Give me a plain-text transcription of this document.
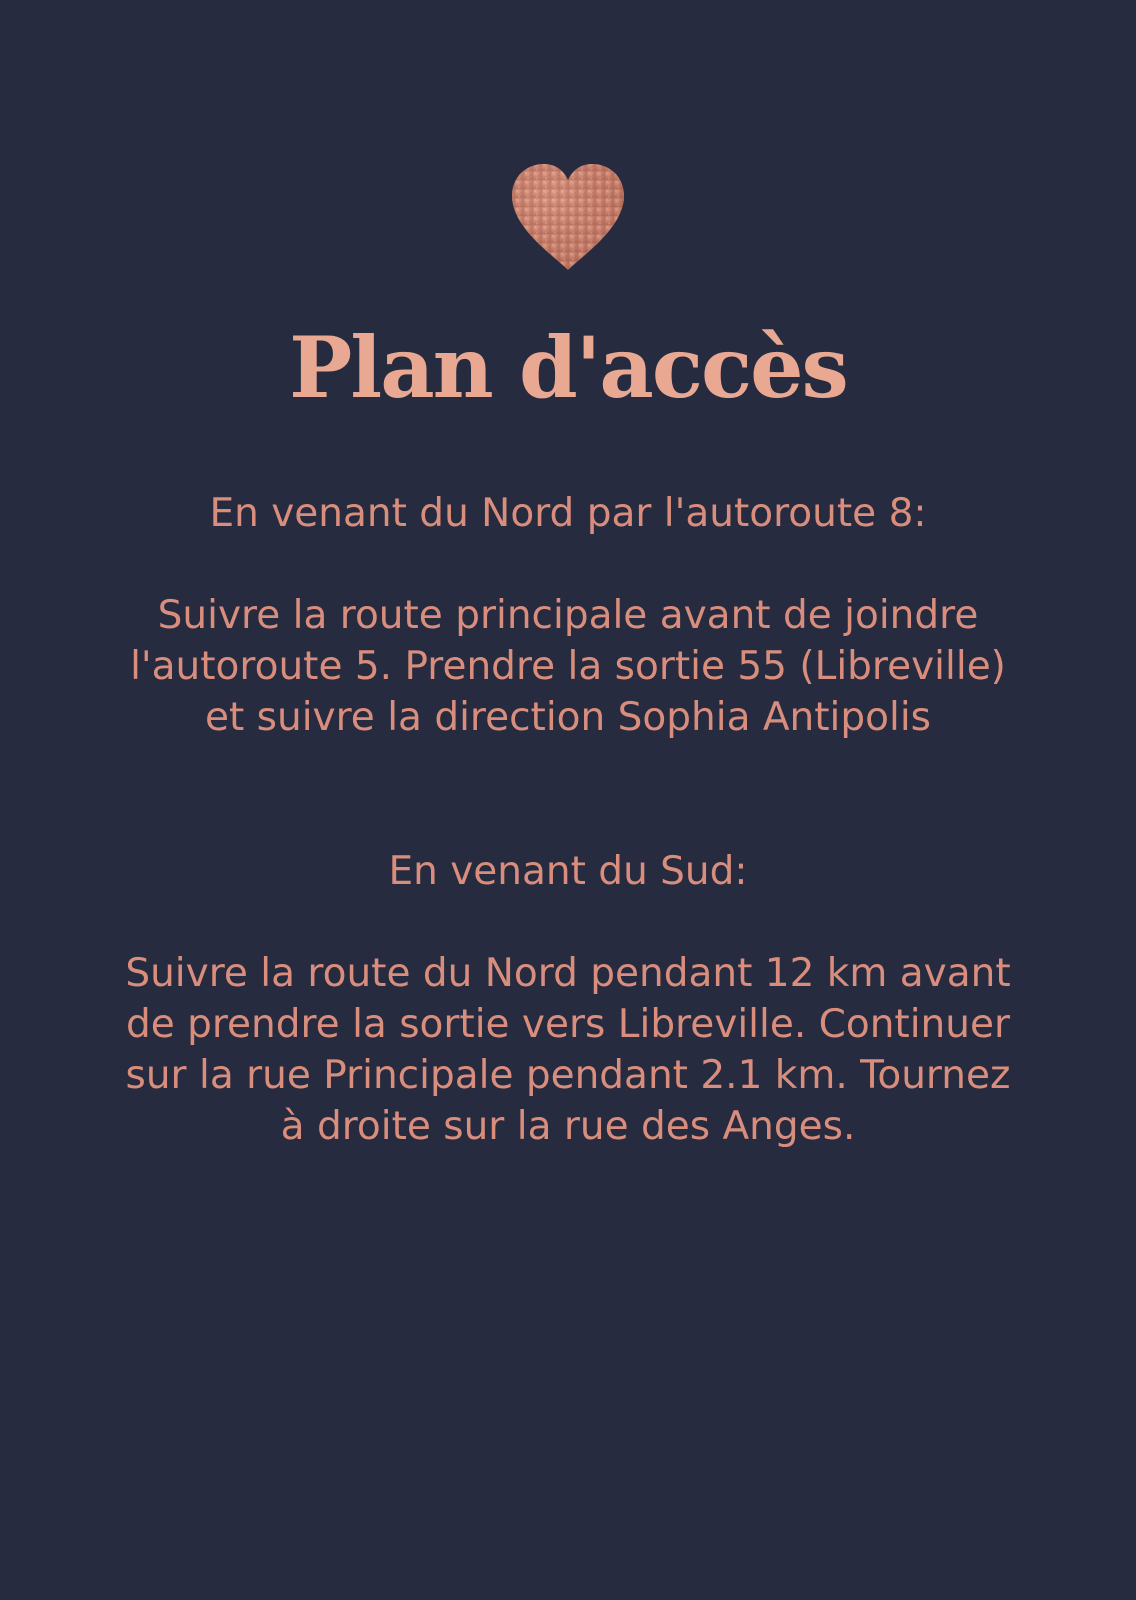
Plan d'accès
En venant du Nord par l'autoroute 8:
Suivre la route principale avant de joindre l'autoroute 5. Prendre la sortie 55 (Libreville) et suivre la direction Sophia Antipolis
En venant du Sud:
Suivre la route du Nord pendant 12 km avant de prendre la sortie vers Libreville. Continuer sur la rue Principale pendant 2.1 km. Tournez à droite sur la rue des Anges.
